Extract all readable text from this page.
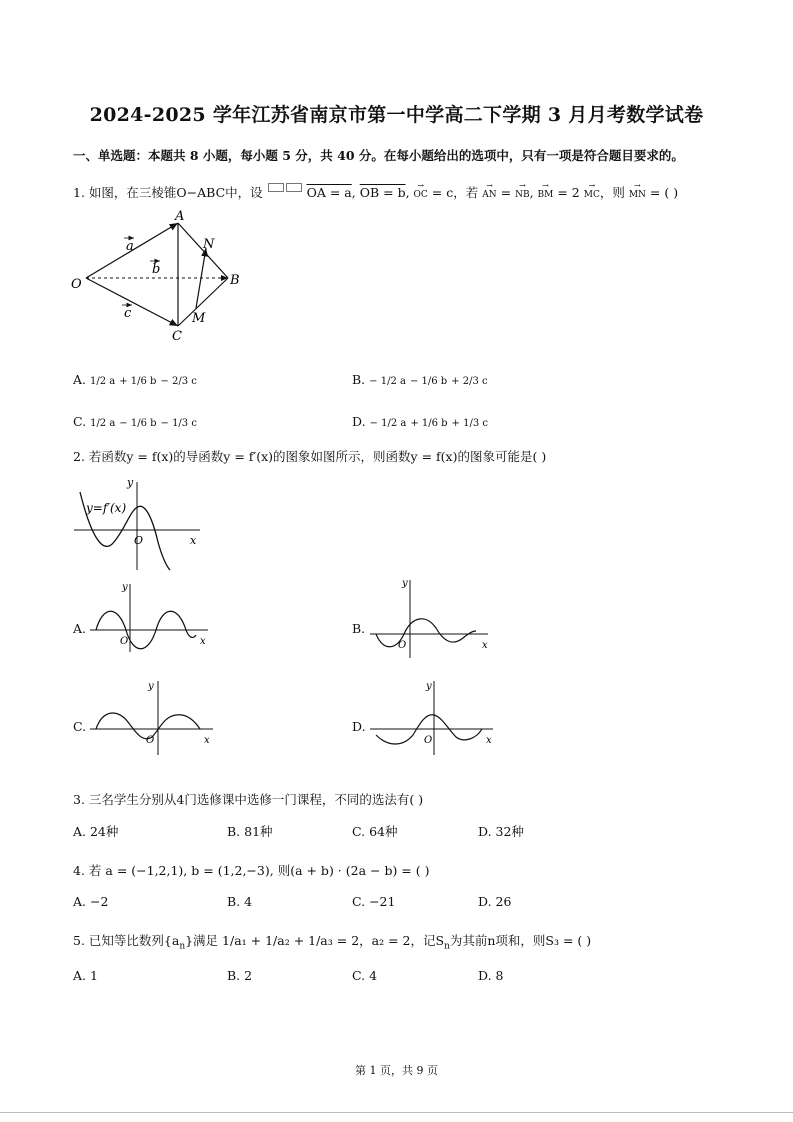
2024-2025 学年江苏省南京市第一中学高二下学期 3 月月考数学试卷
一、单选题：本题共 8 小题，每小题 5 分，共 40 分。在每小题给出的选项中，只有一项是符合题目要求的。
1. 如图，在三棱锥O−ABC中，设	OA = a, OB = b, → OC = c，若 → AN = → NB, → BM = 2 → MC，则 → MN = ( )
O
A
B
C
N
M
a
b
c
A. 1/2 a + 1/6 b − 2/3 c	B. − 1/2 a − 1/6 b + 2/3 c
C. 1/2 a − 1/6 b − 1/3 c	D. − 1/2 a + 1/6 b + 1/3 c
2. 若函数y = f(x)的导函数y = f′(x)的图象如图所示，则函数y = f(x)的图象可能是( )
y=f′(x)
y
x
O
A.
y
x
O
B.
y
x
O
C.
y
x
O
D.
y
x
O
3. 三名学生分别从4门选修课中选修一门课程，不同的选法有( )
A. 24种	B. 81种	C. 64种	D. 32种
4. 若 a = (−1,2,1), b = (1,2,−3), 则(a + b) · (2a − b) = ( )
A. −2	B. 4	C. −21	D. 26
5. 已知等比数列$\{a_n\}$满足 1/a₁ + 1/a₂ + 1/a₃ = 2，a₂ = 2，记$S_n$为其前n项和，则S₃ = ( )
A. 1	B. 2	C. 4	D. 8
第 1 页，共 9 页
